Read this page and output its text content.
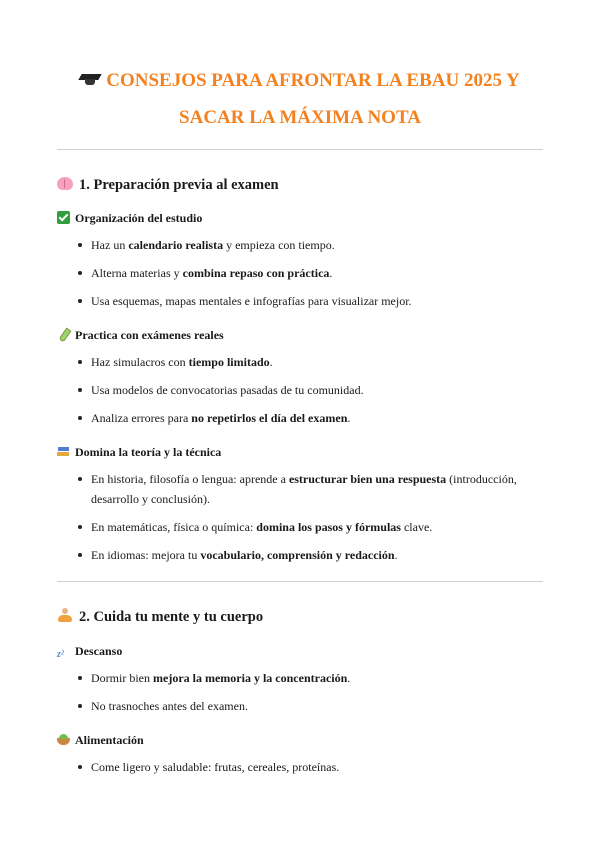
CONSEJOS PARA AFRONTAR LA EBAU 2025 Y
SACAR LA MÁXIMA NOTA
1. Preparación previa al examen
Organización del estudio
Haz un calendario realista y empieza con tiempo.
Alterna materias y combina repaso con práctica.
Usa esquemas, mapas mentales e infografías para visualizar mejor.
Practica con exámenes reales
Haz simulacros con tiempo limitado.
Usa modelos de convocatorias pasadas de tu comunidad.
Analiza errores para no repetirlos el día del examen.
Domina la teoría y la técnica
En historia, filosofía o lengua: aprende a estructurar bien una respuesta (introducción, desarrollo y conclusión).
En matemáticas, física o química: domina los pasos y fórmulas clave.
En idiomas: mejora tu vocabulario, comprensión y redacción.
2. Cuida tu mente y tu cuerpo
z² Descanso
Dormir bien mejora la memoria y la concentración.
No trasnoches antes del examen.
Alimentación
Come ligero y saludable: frutas, cereales, proteínas.
